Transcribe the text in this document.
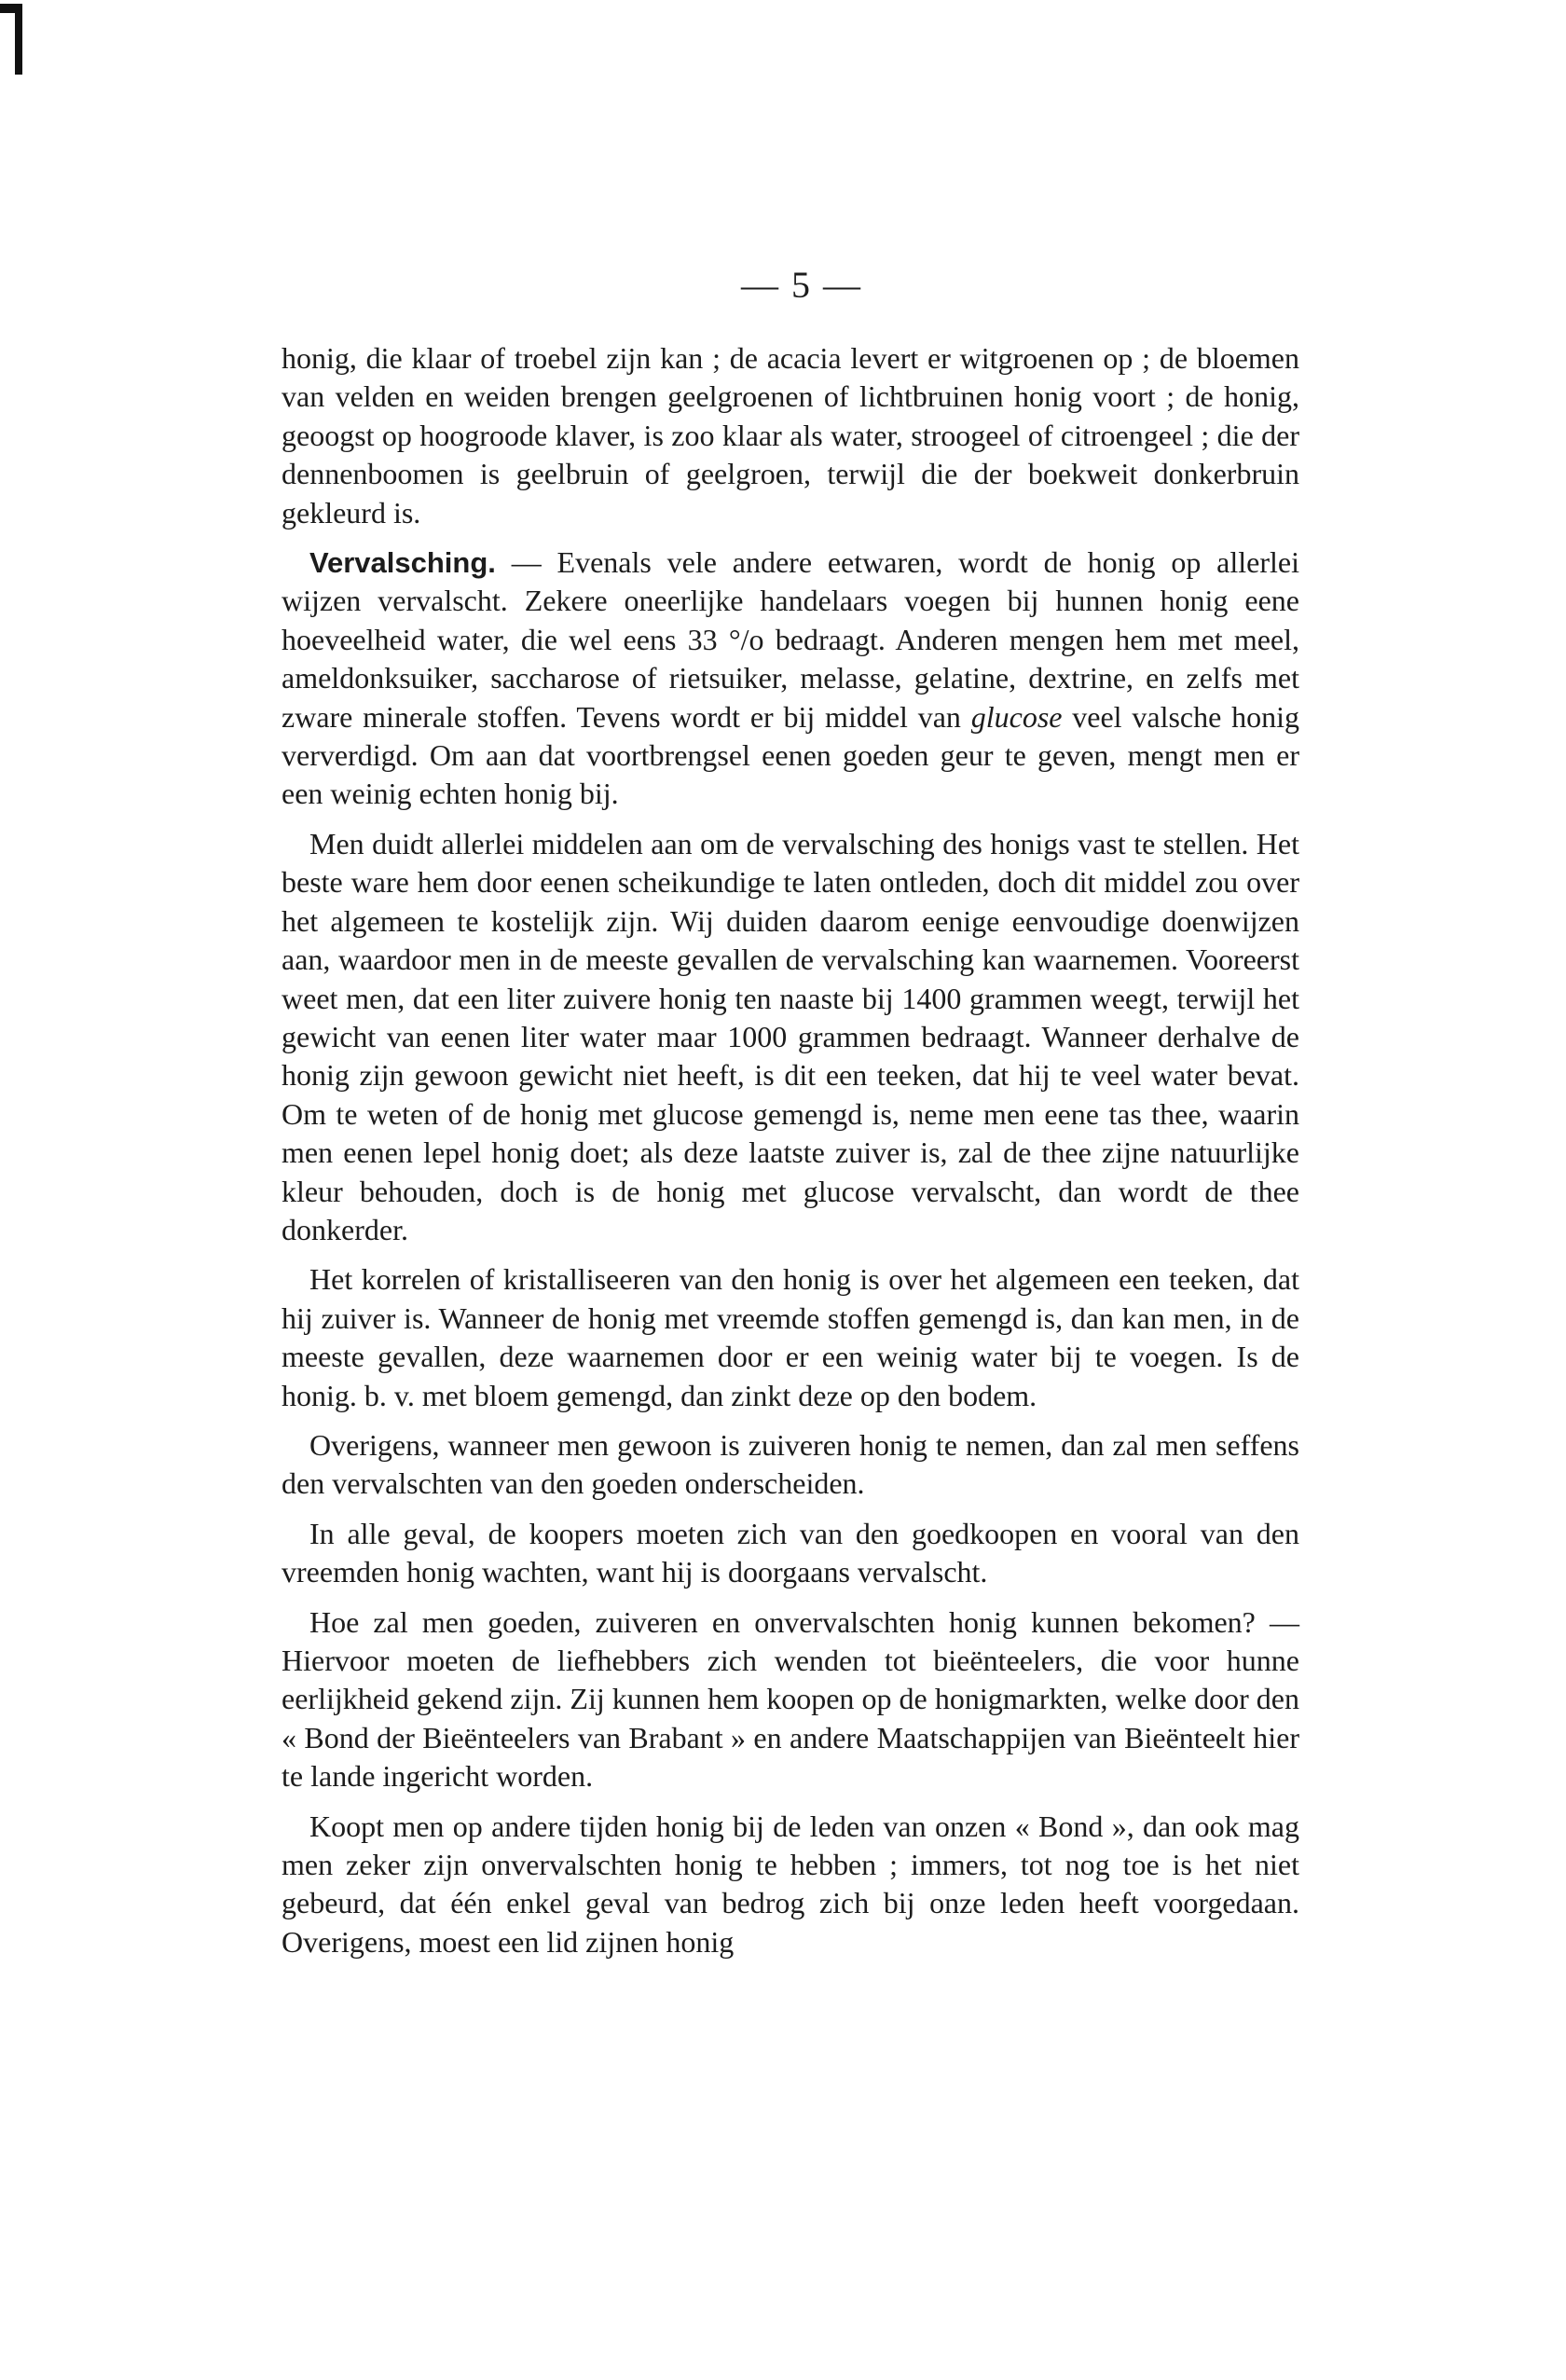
— 5 —

honig, die klaar of troebel zijn kan ; de acacia levert er witgroenen op ; de bloemen van velden en weiden brengen geelgroenen of lichtbruinen honig voort ; de honig, geoogst op hoogroode klaver, is zoo klaar als water, stroogeel of citroengeel ; die der dennenboomen is geelbruin of geelgroen, terwijl die der boekweit donkerbruin gekleurd is.

Vervalsching. — Evenals vele andere eetwaren, wordt de honig op allerlei wijzen vervalscht. Zekere oneerlijke handelaars voegen bij hunnen honig eene hoeveelheid water, die wel eens 33 °/o bedraagt. Anderen mengen hem met meel, ameldonksuiker, saccharose of rietsuiker, melasse, gelatine, dextrine, en zelfs met zware minerale stoffen. Tevens wordt er bij middel van glucose veel valsche honig ververdigd. Om aan dat voortbrengsel eenen goeden geur te geven, mengt men er een weinig echten honig bij.

Men duidt allerlei middelen aan om de vervalsching des honigs vast te stellen. Het beste ware hem door eenen scheikundige te laten ontleden, doch dit middel zou over het algemeen te kostelijk zijn. Wij duiden daarom eenige eenvoudige doenwijzen aan, waardoor men in de meeste gevallen de vervalsching kan waarnemen. Vooreerst weet men, dat een liter zuivere honig ten naaste bij 1400 grammen weegt, terwijl het gewicht van eenen liter water maar 1000 grammen bedraagt. Wanneer derhalve de honig zijn gewoon gewicht niet heeft, is dit een teeken, dat hij te veel water bevat. Om te weten of de honig met glucose gemengd is, neme men eene tas thee, waarin men eenen lepel honig doet; als deze laatste zuiver is, zal de thee zijne natuurlijke kleur behouden, doch is de honig met glucose vervalscht, dan wordt de thee donkerder.

Het korrelen of kristalliseeren van den honig is over het algemeen een teeken, dat hij zuiver is. Wanneer de honig met vreemde stoffen gemengd is, dan kan men, in de meeste gevallen, deze waarnemen door er een weinig water bij te voegen. Is de honig. b. v. met bloem gemengd, dan zinkt deze op den bodem.

Overigens, wanneer men gewoon is zuiveren honig te nemen, dan zal men seffens den vervalschten van den goeden onderscheiden.

In alle geval, de koopers moeten zich van den goedkoopen en vooral van den vreemden honig wachten, want hij is doorgaans vervalscht.

Hoe zal men goeden, zuiveren en onvervalschten honig kunnen bekomen? — Hiervoor moeten de liefhebbers zich wenden tot bieënteelers, die voor hunne eerlijkheid gekend zijn. Zij kunnen hem koopen op de honigmarkten, welke door den « Bond der Bieënteelers van Brabant » en andere Maatschappijen van Bieënteelt hier te lande ingericht worden.

Koopt men op andere tijden honig bij de leden van onzen « Bond », dan ook mag men zeker zijn onvervalschten honig te hebben ; immers, tot nog toe is het niet gebeurd, dat één enkel geval van bedrog zich bij onze leden heeft voorgedaan. Overigens, moest een lid zijnen honig
